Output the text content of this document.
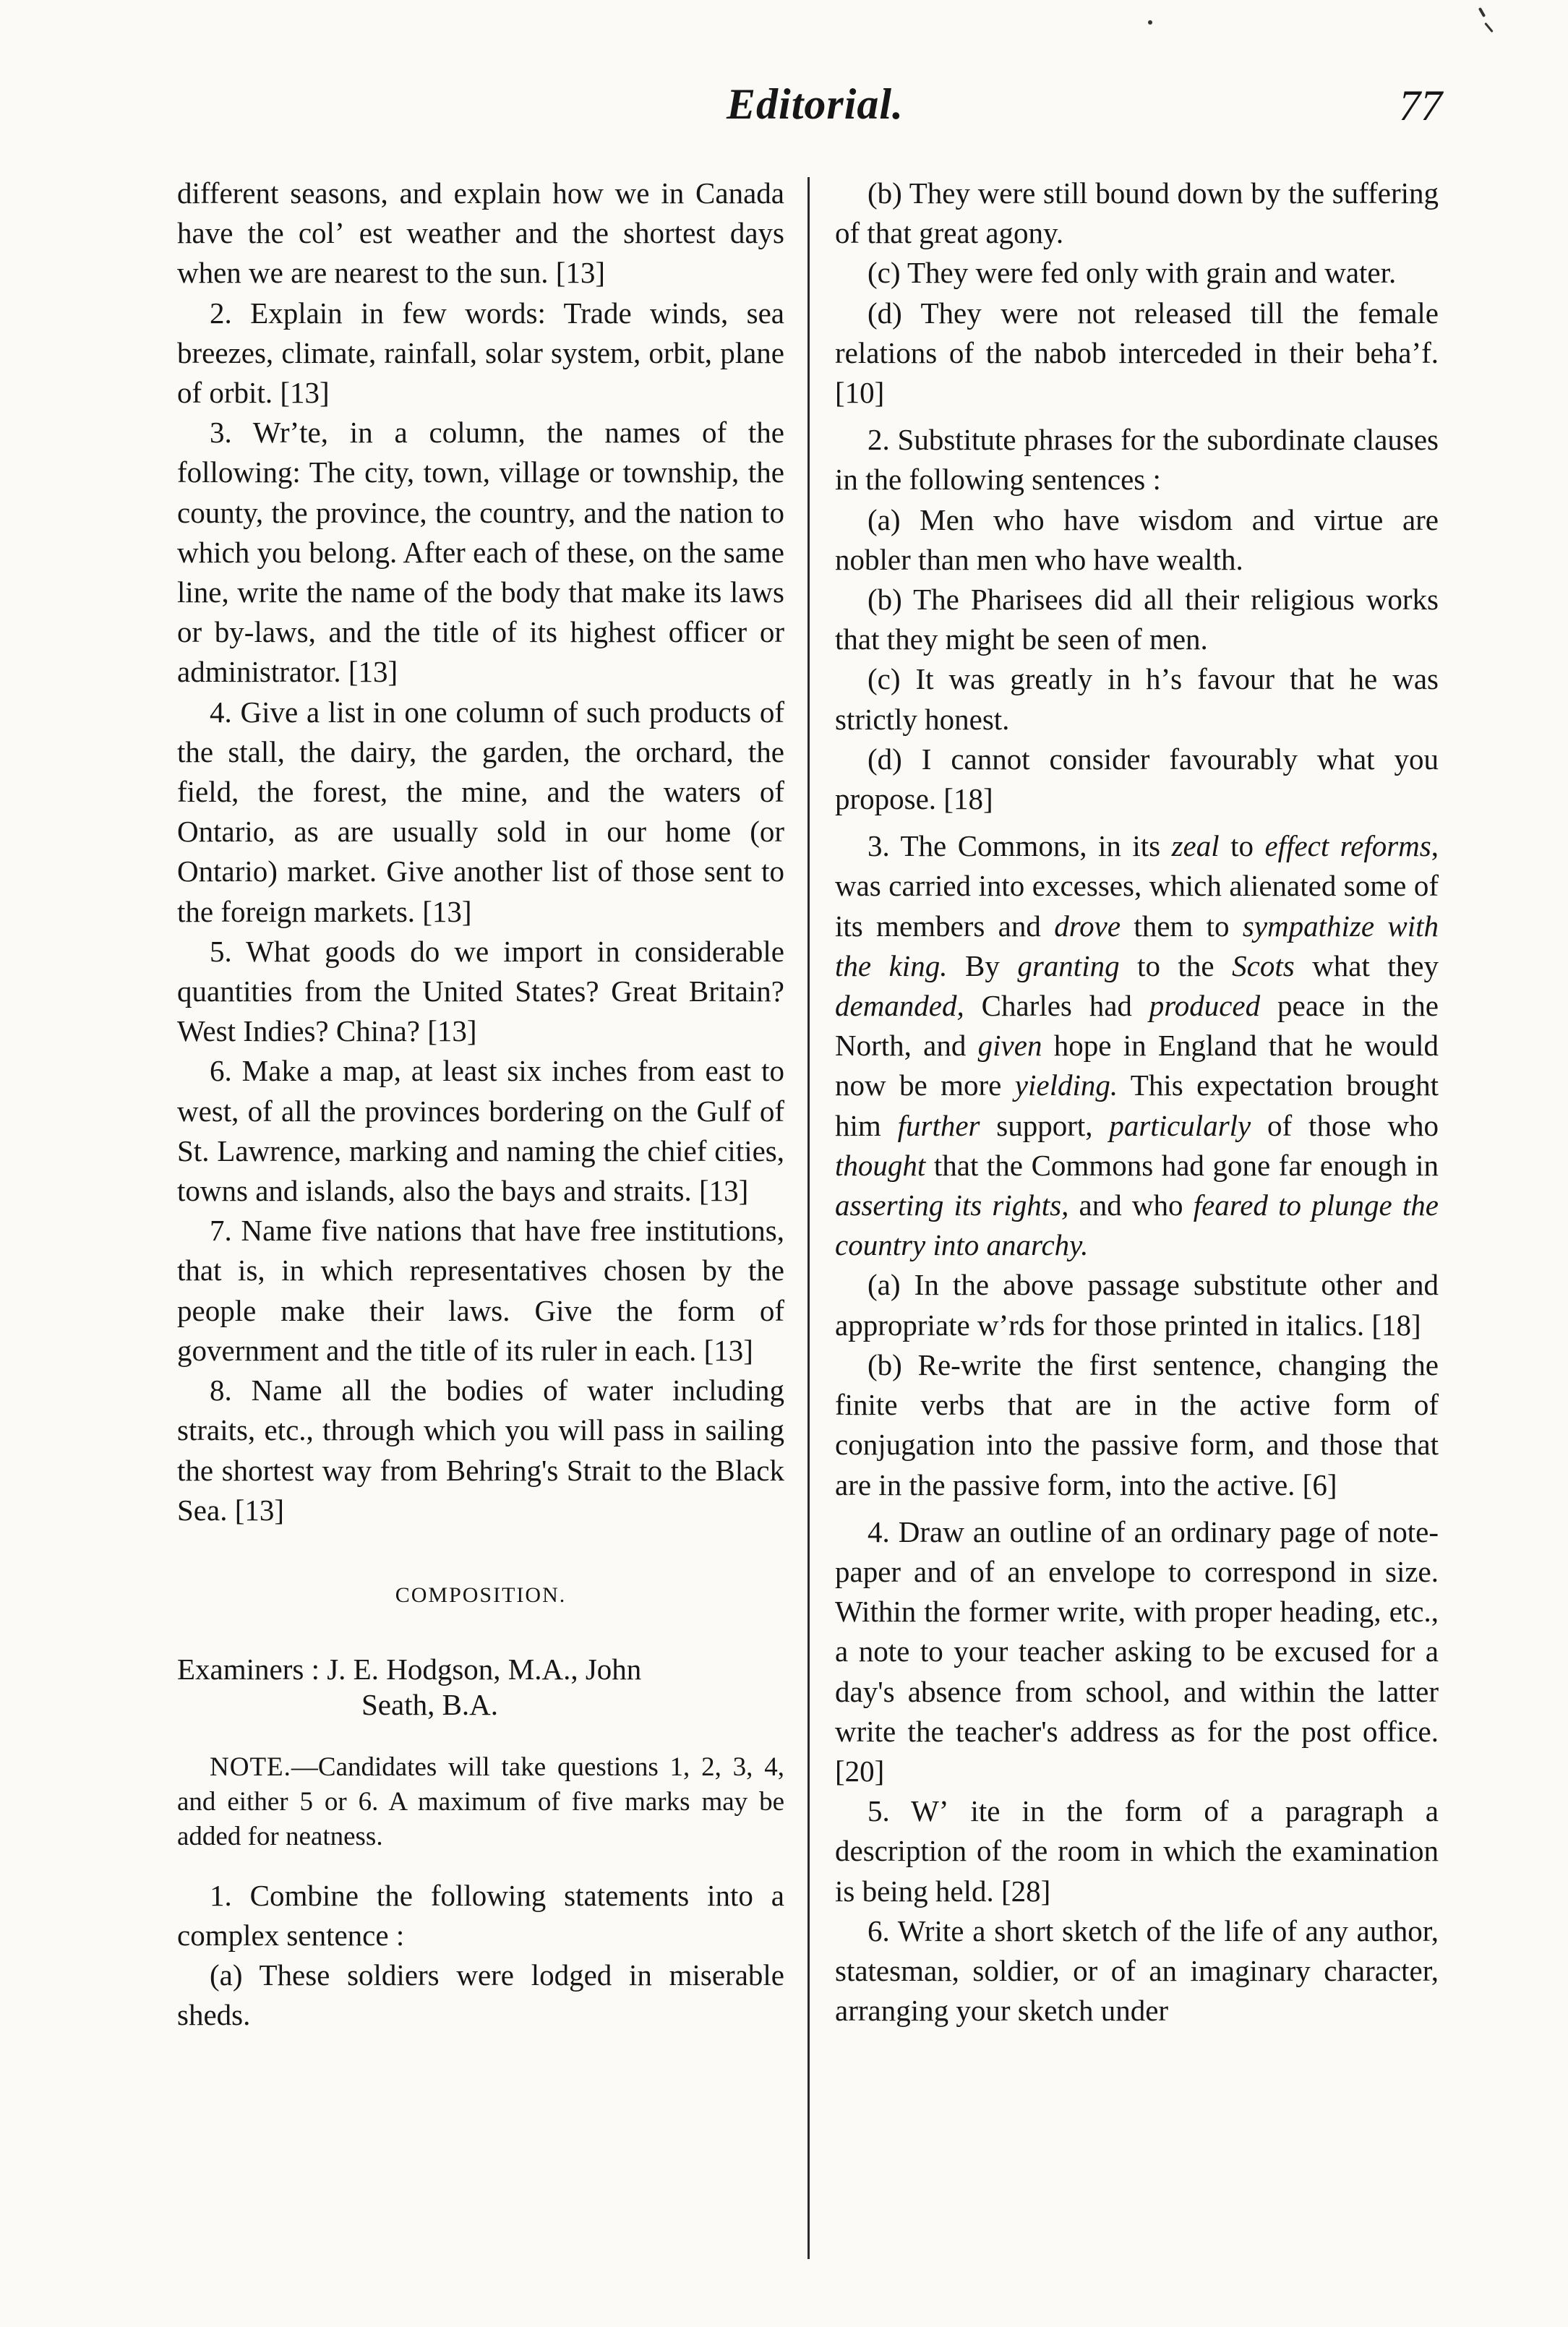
Editorial.	77

different seasons, and explain how we in Canada have the colʼ est weather and the shortest days when we are nearest to the sun. [13]

2. Explain in few words: Trade winds, sea breezes, climate, rainfall, solar system, orbit, plane of orbit. [13]

3. Wrʼte, in a column, the names of the following: The city, town, village or township, the county, the province, the country, and the nation to which you belong. After each of these, on the same line, write the name of the body that make its laws or by-laws, and the title of its highest officer or administrator. [13]

4. Give a list in one column of such products of the stall, the dairy, the garden, the orchard, the field, the forest, the mine, and the waters of Ontario, as are usually sold in our home (or Ontario) market. Give another list of those sent to the foreign markets. [13]

5. What goods do we import in considerable quantities from the United States? Great Britain? West Indies? China? [13]

6. Make a map, at least six inches from east to west, of all the provinces bordering on the Gulf of St. Lawrence, marking and naming the chief cities, towns and islands, also the bays and straits. [13]

7. Name five nations that have free institutions, that is, in which representatives chosen by the people make their laws. Give the form of government and the title of its ruler in each. [13]

8. Name all the bodies of water including straits, etc., through which you will pass in sailing the shortest way from Behring's Strait to the Black Sea. [13]

COMPOSITION.

Examiners : J. E. Hodgson, M.A., John
Seath, B.A.

NOTE.—Candidates will take questions 1, 2, 3, 4, and either 5 or 6. A maximum of five marks may be added for neatness.

1. Combine the following statements into a complex sentence :

(a) These soldiers were lodged in miserable sheds.

(b) They were still bound down by the suffering of that great agony.

(c) They were fed only with grain and water.

(d) They were not released till the female relations of the nabob interceded in their behaʼf. [10]

2. Substitute phrases for the subordinate clauses in the following sentences :

(a) Men who have wisdom and virtue are nobler than men who have wealth.

(b) The Pharisees did all their religious works that they might be seen of men.

(c) It was greatly in hʼs favour that he was strictly honest.

(d) I cannot consider favourably what you propose. [18]

3. The Commons, in its zeal to effect reforms, was carried into excesses, which alienated some of its members and drove them to sympathize with the king. By granting to the Scots what they demanded, Charles had produced peace in the North, and given hope in England that he would now be more yielding. This expectation brought him further support, particularly of those who thought that the Commons had gone far enough in asserting its rights, and who feared to plunge the country into anarchy.

(a) In the above passage substitute other and appropriate wʼrds for those printed in italics. [18]

(b) Re-write the first sentence, changing the finite verbs that are in the active form of conjugation into the passive form, and those that are in the passive form, into the active. [6]

4. Draw an outline of an ordinary page of note-paper and of an envelope to correspond in size. Within the former write, with proper heading, etc., a note to your teacher asking to be excused for a day's absence from school, and within the latter write the teacher's address as for the post office. [20]

5. Wʼ ite in the form of a paragraph a description of the room in which the examination is being held. [28]

6. Write a short sketch of the life of any author, statesman, soldier, or of an imaginary character, arranging your sketch under
